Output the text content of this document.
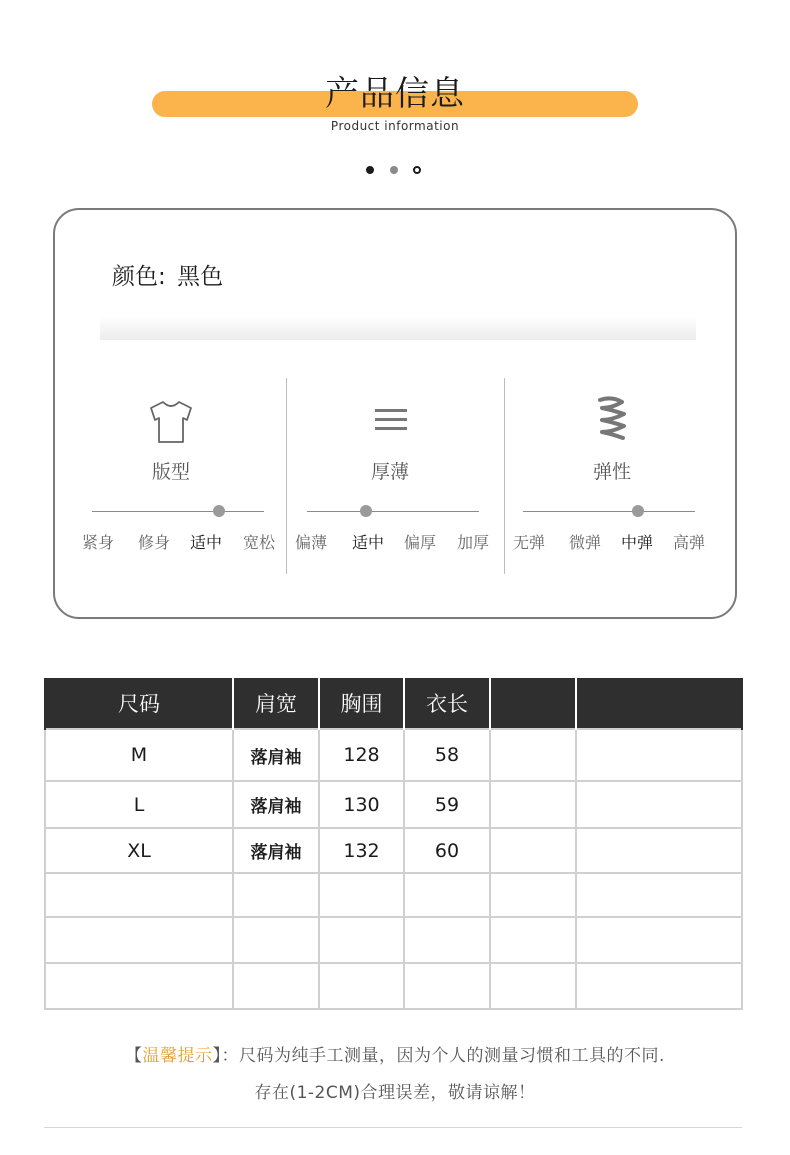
产品信息
Product information
颜色: 黑色
版型
紧身 修身 适中 宽松
厚薄
偏薄 适中 偏厚 加厚
弹性
无弹 微弹 中弹 高弹
尺码	肩宽	胸围	衣长		
M	落肩袖	128	58		
L	落肩袖	130	59		
XL	落肩袖	132	60		

【温馨提示】：尺码为纯手工测量，因为个人的测量习惯和工具的不同.
存在(1-2CM)合理误差，敬请谅解！
